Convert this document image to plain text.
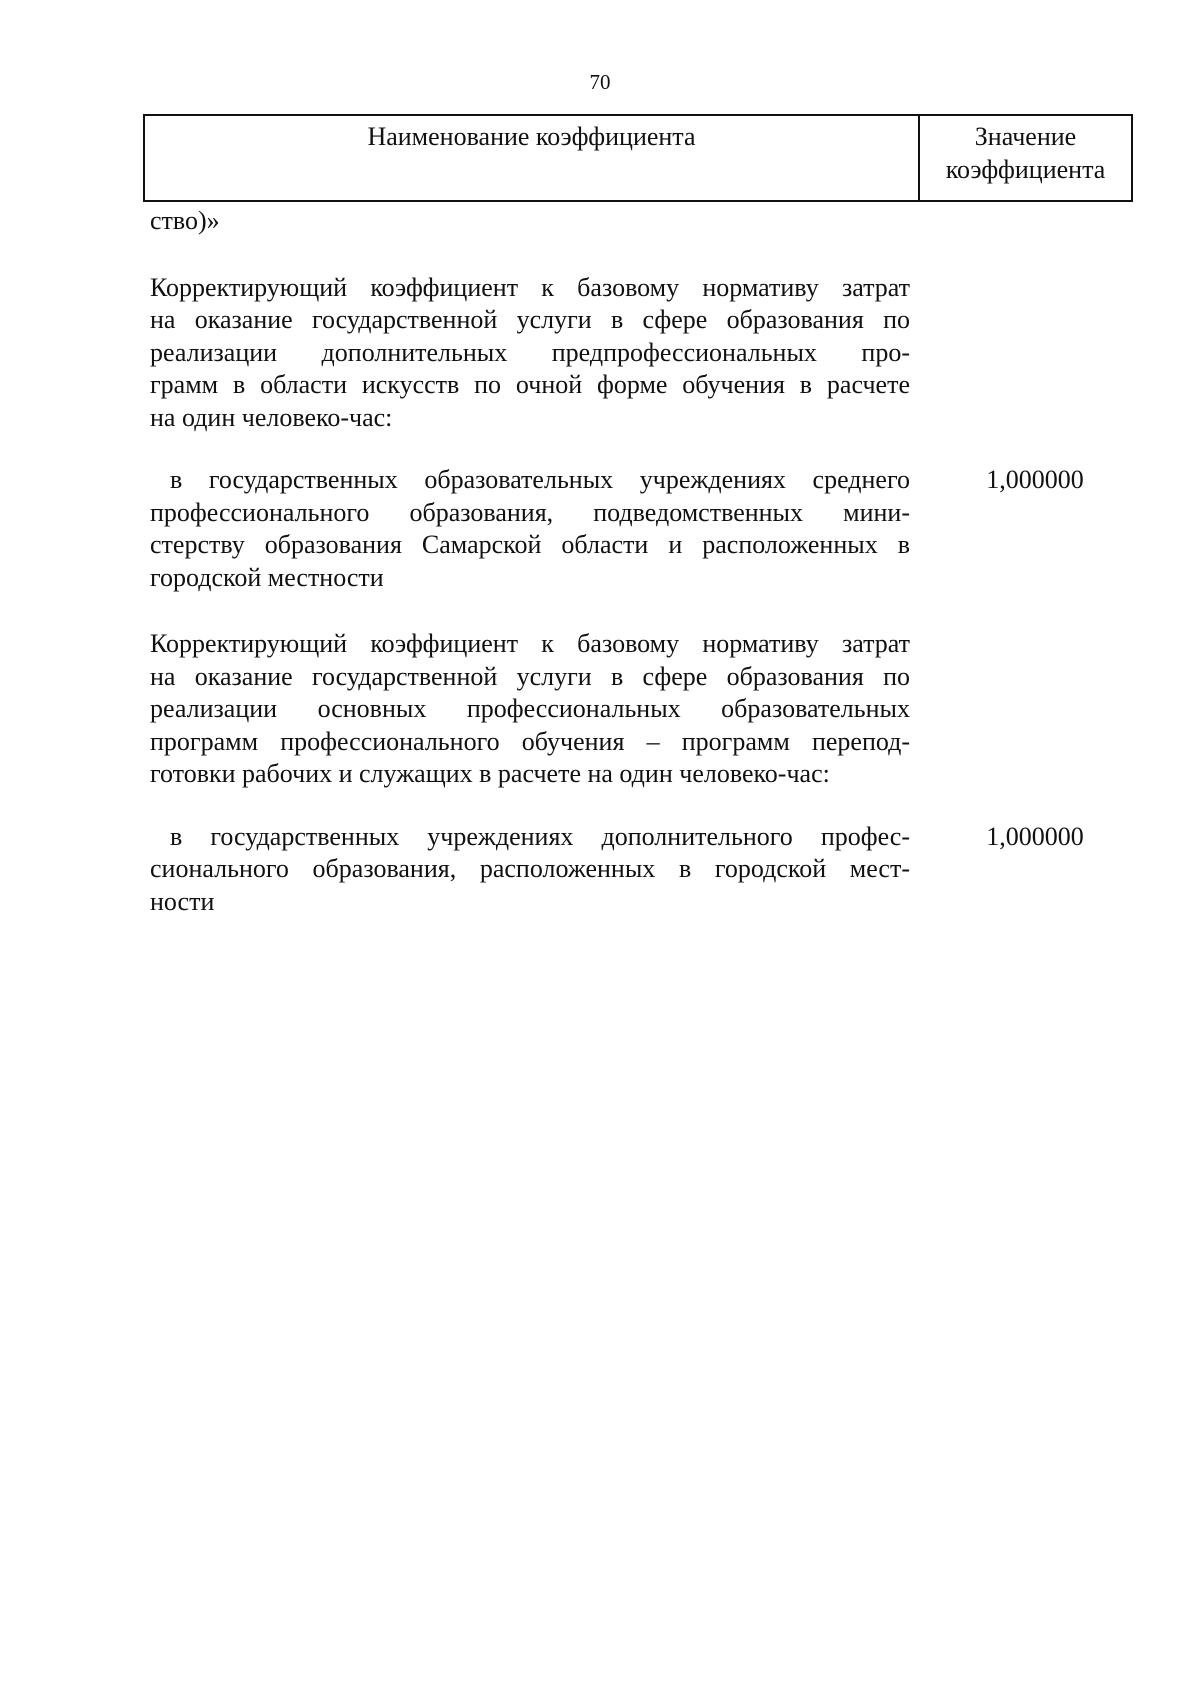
70
Наименование коэффициента	Значение
коэффициента
ство)»
Корректирующий коэффициент к базовому нормативу затрат
на оказание государственной услуги в сфере образования по
реализации дополнительных предпрофессиональных про-
грамм в области искусств по очной форме обучения в расчете
на один человеко-час:
в государственных образовательных учреждениях среднего
профессионального образования, подведомственных мини-
стерству образования Самарской области и расположенных в
городской местности
1,000000
Корректирующий коэффициент к базовому нормативу затрат
на оказание государственной услуги в сфере образования по
реализации основных профессиональных образовательных
программ профессионального обучения – программ перепод-
готовки рабочих и служащих в расчете на один человеко-час:
в государственных учреждениях дополнительного профес-
сионального образования, расположенных в городской мест-
ности
1,000000
